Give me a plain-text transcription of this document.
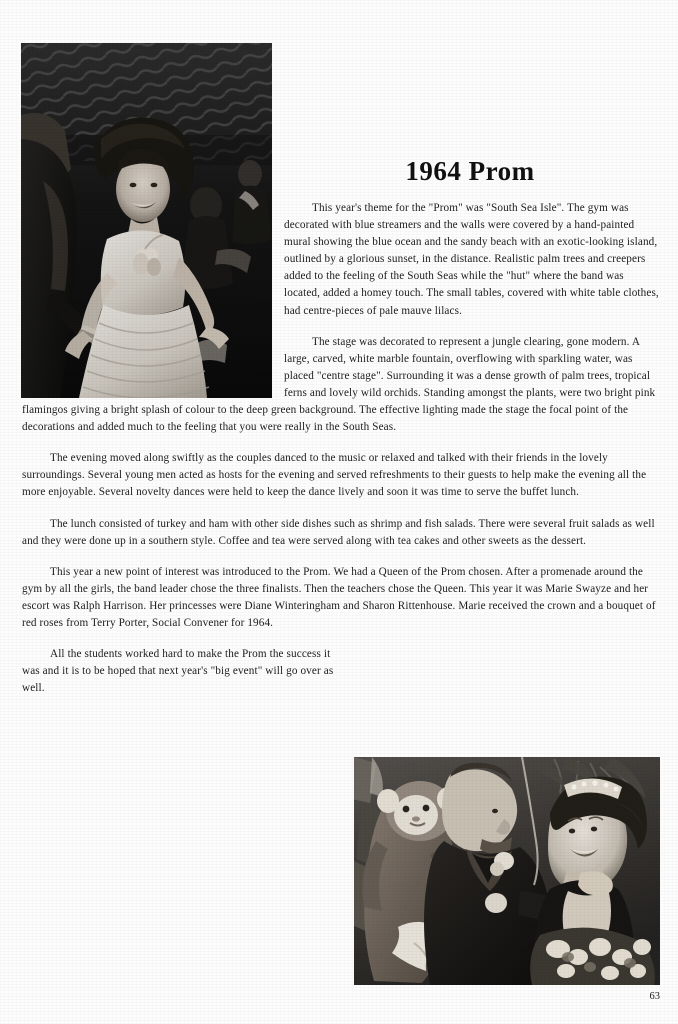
1964 Prom

This year's theme for the "Prom" was "South Sea Isle". The gym was decorated with blue streamers and the walls were covered by a hand-painted mural showing the blue ocean and the sandy beach with an exotic-looking island, outlined by a glorious sunset, in the distance. Realistic palm trees and creepers added to the feeling of the South Seas while the "hut" where the band was located, added a homey touch. The small tables, covered with white table clothes, had centre-pieces of pale mauve lilacs.

The stage was decorated to represent a jungle clearing, gone modern. A large, carved, white marble fountain, overflowing with sparkling water, was placed "centre stage". Surrounding it was a dense growth of palm trees, tropical ferns and lovely wild orchids. Standing amongst the plants, were two bright pink flamingos giving a bright splash of colour to the deep green background. The effective lighting made the stage the focal point of the decorations and added much to the feeling that you were really in the South Seas.

The evening moved along swiftly as the couples danced to the music or relaxed and talked with their friends in the lovely surroundings. Several young men acted as hosts for the evening and served refreshments to their guests to help make the evening all the more enjoyable. Several novelty dances were held to keep the dance lively and soon it was time to serve the buffet lunch.

The lunch consisted of turkey and ham with other side dishes such as shrimp and fish salads. There were several fruit salads as well and they were done up in a southern style. Coffee and tea were served along with tea cakes and other sweets as the dessert.

This year a new point of interest was introduced to the Prom. We had a Queen of the Prom chosen. After a promenade around the gym by all the girls, the band leader chose the three finalists. Then the teachers chose the Queen. This year it was Marie Swayze and her escort was Ralph Harrison. Her princesses were Diane Winteringham and Sharon Rittenhouse. Marie received the crown and a bouquet of red roses from Terry Porter, Social Convener for 1964.

All the students worked hard to make the Prom the success it was and it is to be hoped that next year's "big event" will go over as well.

63
